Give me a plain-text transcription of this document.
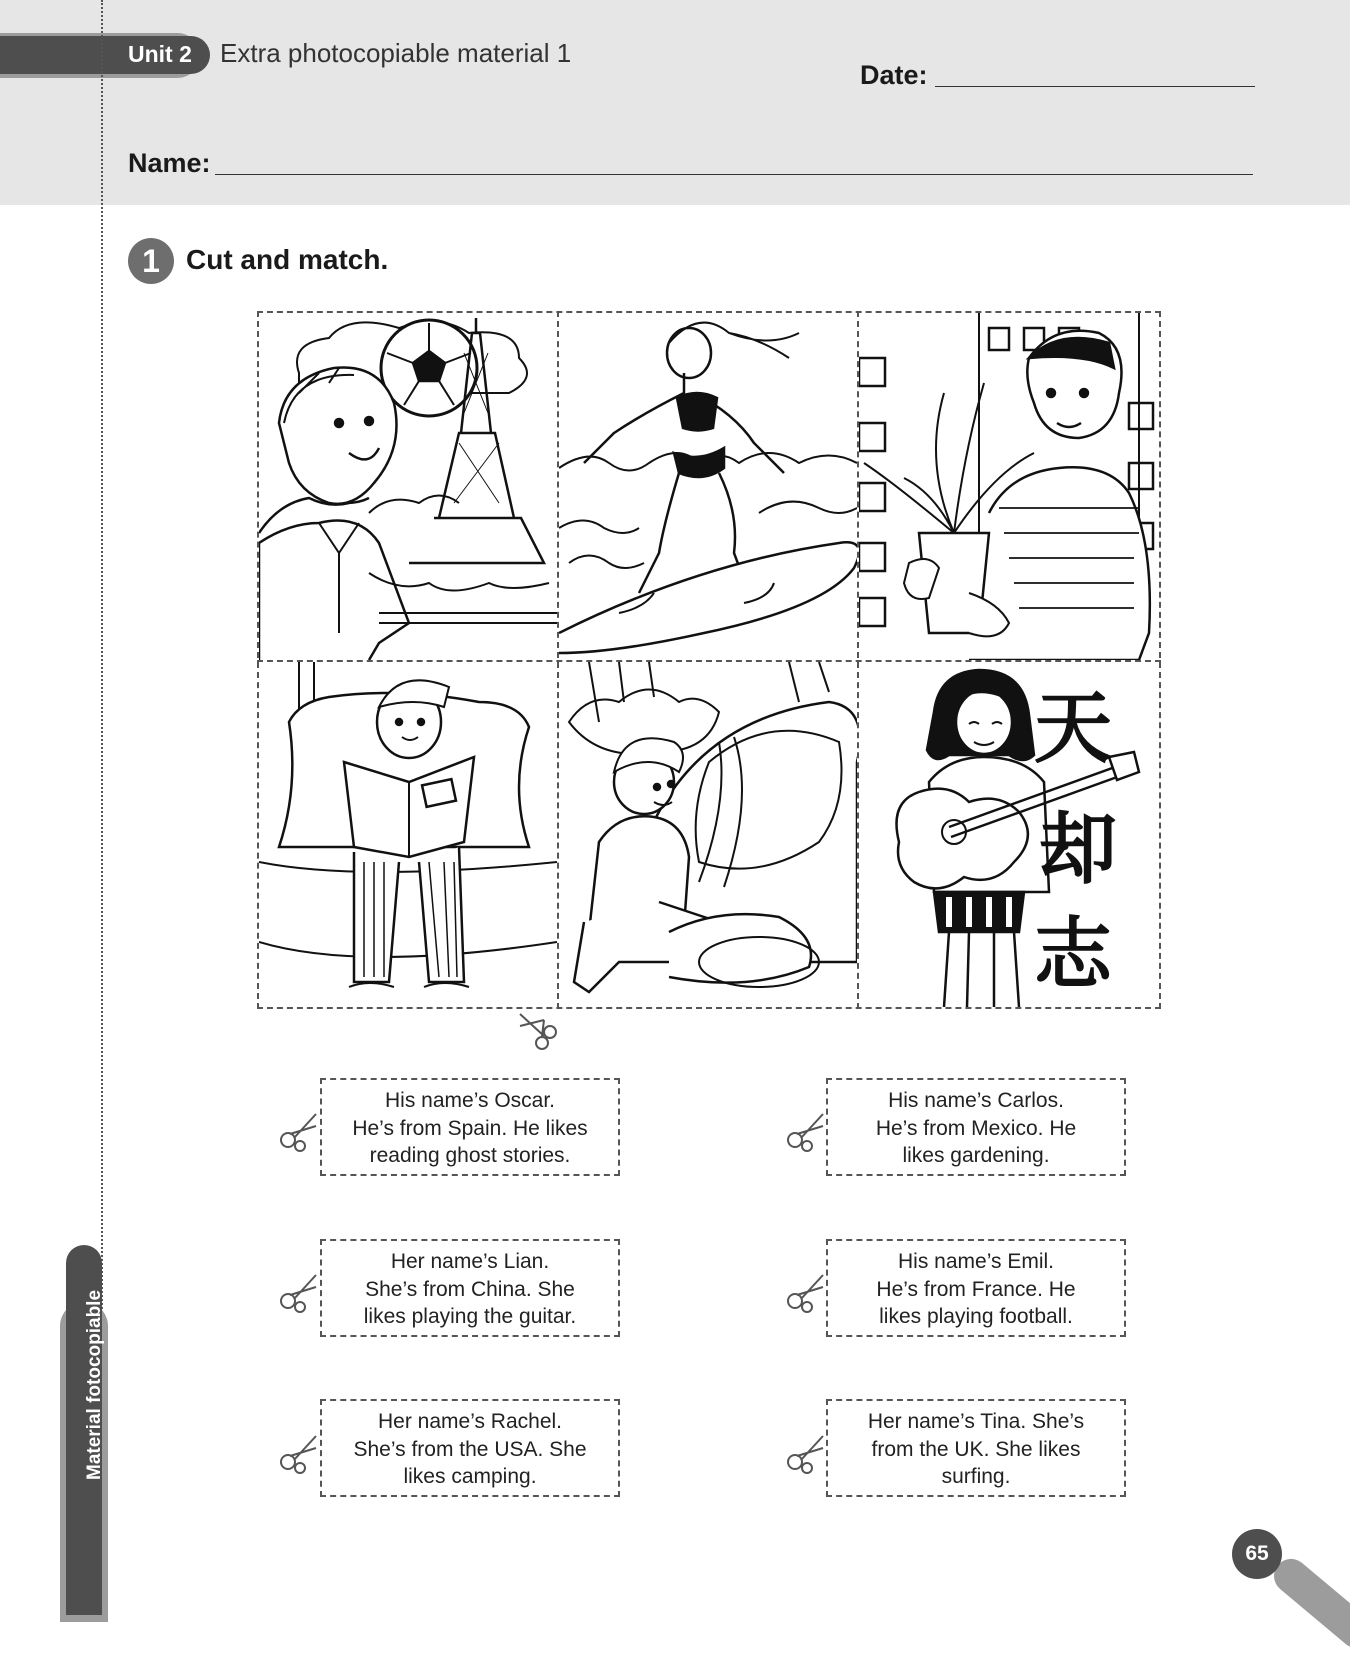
Unit 2 Extra photocopiable material 1
Date:
Name:
1 Cut and match.
天
却
志
His name’s Oscar.
He’s from Spain. He likes
reading ghost stories.
His name’s Carlos.
He’s from Mexico. He
likes gardening.
Her name’s Lian.
She’s from China. She
likes playing the guitar.
His name’s Emil.
He’s from France. He
likes playing football.
Her name’s Rachel.
She’s from the USA. She
likes camping.
Her name’s Tina. She’s
from the UK. She likes
surfing.
Material fotocopiable
65
